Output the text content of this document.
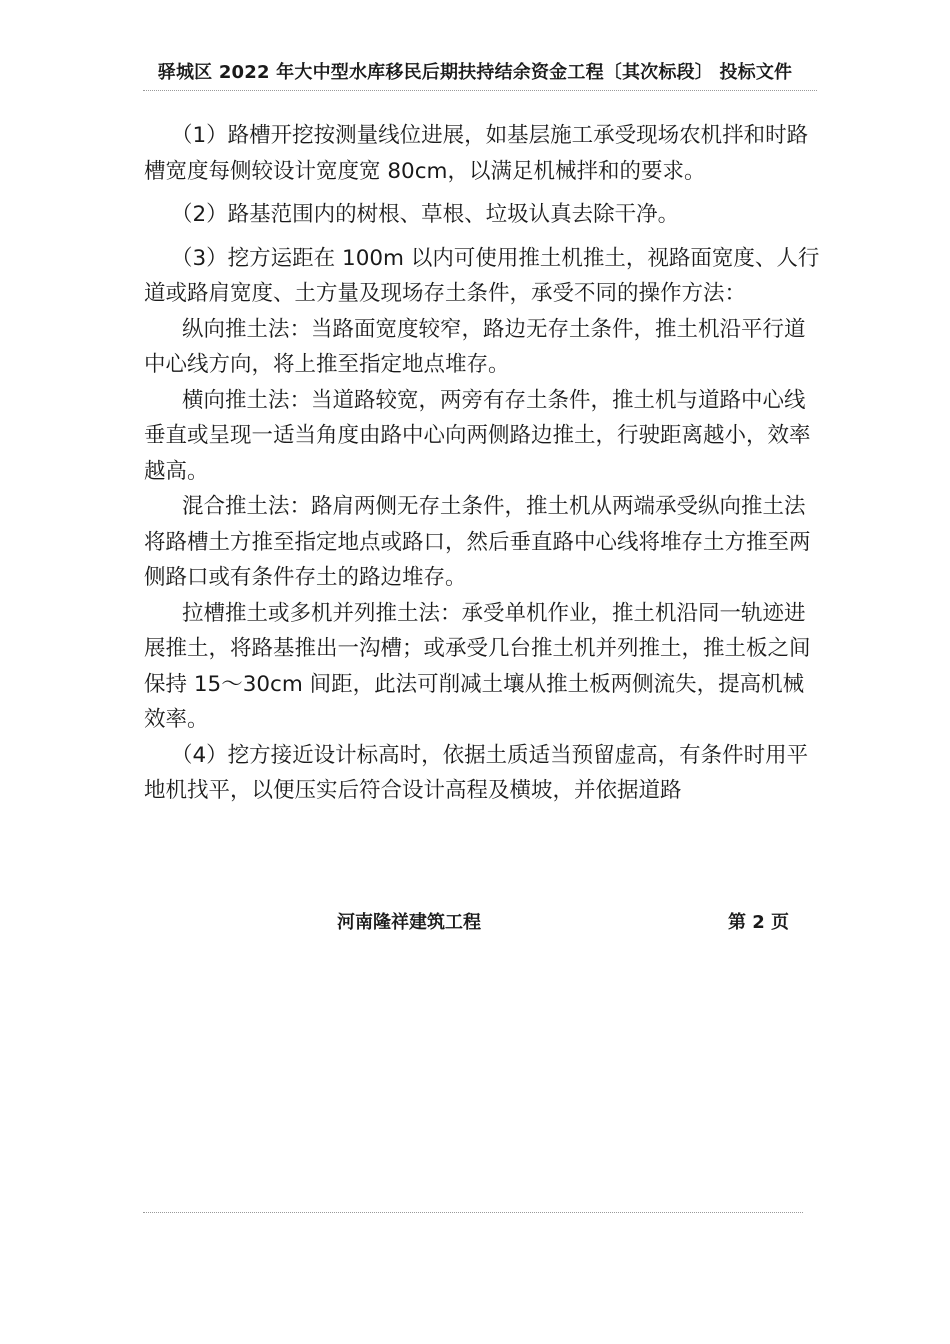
驿城区 2022 年大中型水库移民后期扶持结余资金工程〔其次标段〕 投标文件

（1）路槽开挖按测量线位进展，如基层施工承受现场农机拌和时路槽宽度每侧较设计宽度宽 80cm，以满足机械拌和的要求。

（2）路基范围内的树根、草根、垃圾认真去除干净。

（3）挖方运距在 100m 以内可使用推土机推土，视路面宽度、人行道或路肩宽度、土方量及现场存土条件，承受不同的操作方法：

纵向推土法：当路面宽度较窄，路边无存土条件，推土机沿平行道中心线方向，将上推至指定地点堆存。

横向推土法：当道路较宽，两旁有存土条件，推土机与道路中心线垂直或呈现一适当角度由路中心向两侧路边推土，行驶距离越小，效率越高。

混合推土法：路肩两侧无存土条件，推土机从两端承受纵向推土法将路槽土方推至指定地点或路口，然后垂直路中心线将堆存土方推至两侧路口或有条件存土的路边堆存。

拉槽推土或多机并列推土法：承受单机作业，推土机沿同一轨迹进展推土，将路基推出一沟槽；或承受几台推土机并列推土，推土板之间保持 15～30cm 间距，此法可削减土壤从推土板两侧流失，提高机械效率。

（4）挖方接近设计标高时，依据土质适当预留虚高，有条件时用平地机找平，以便压实后符合设计高程及横坡，并依据道路

河南隆祥建筑工程	第 2 页
